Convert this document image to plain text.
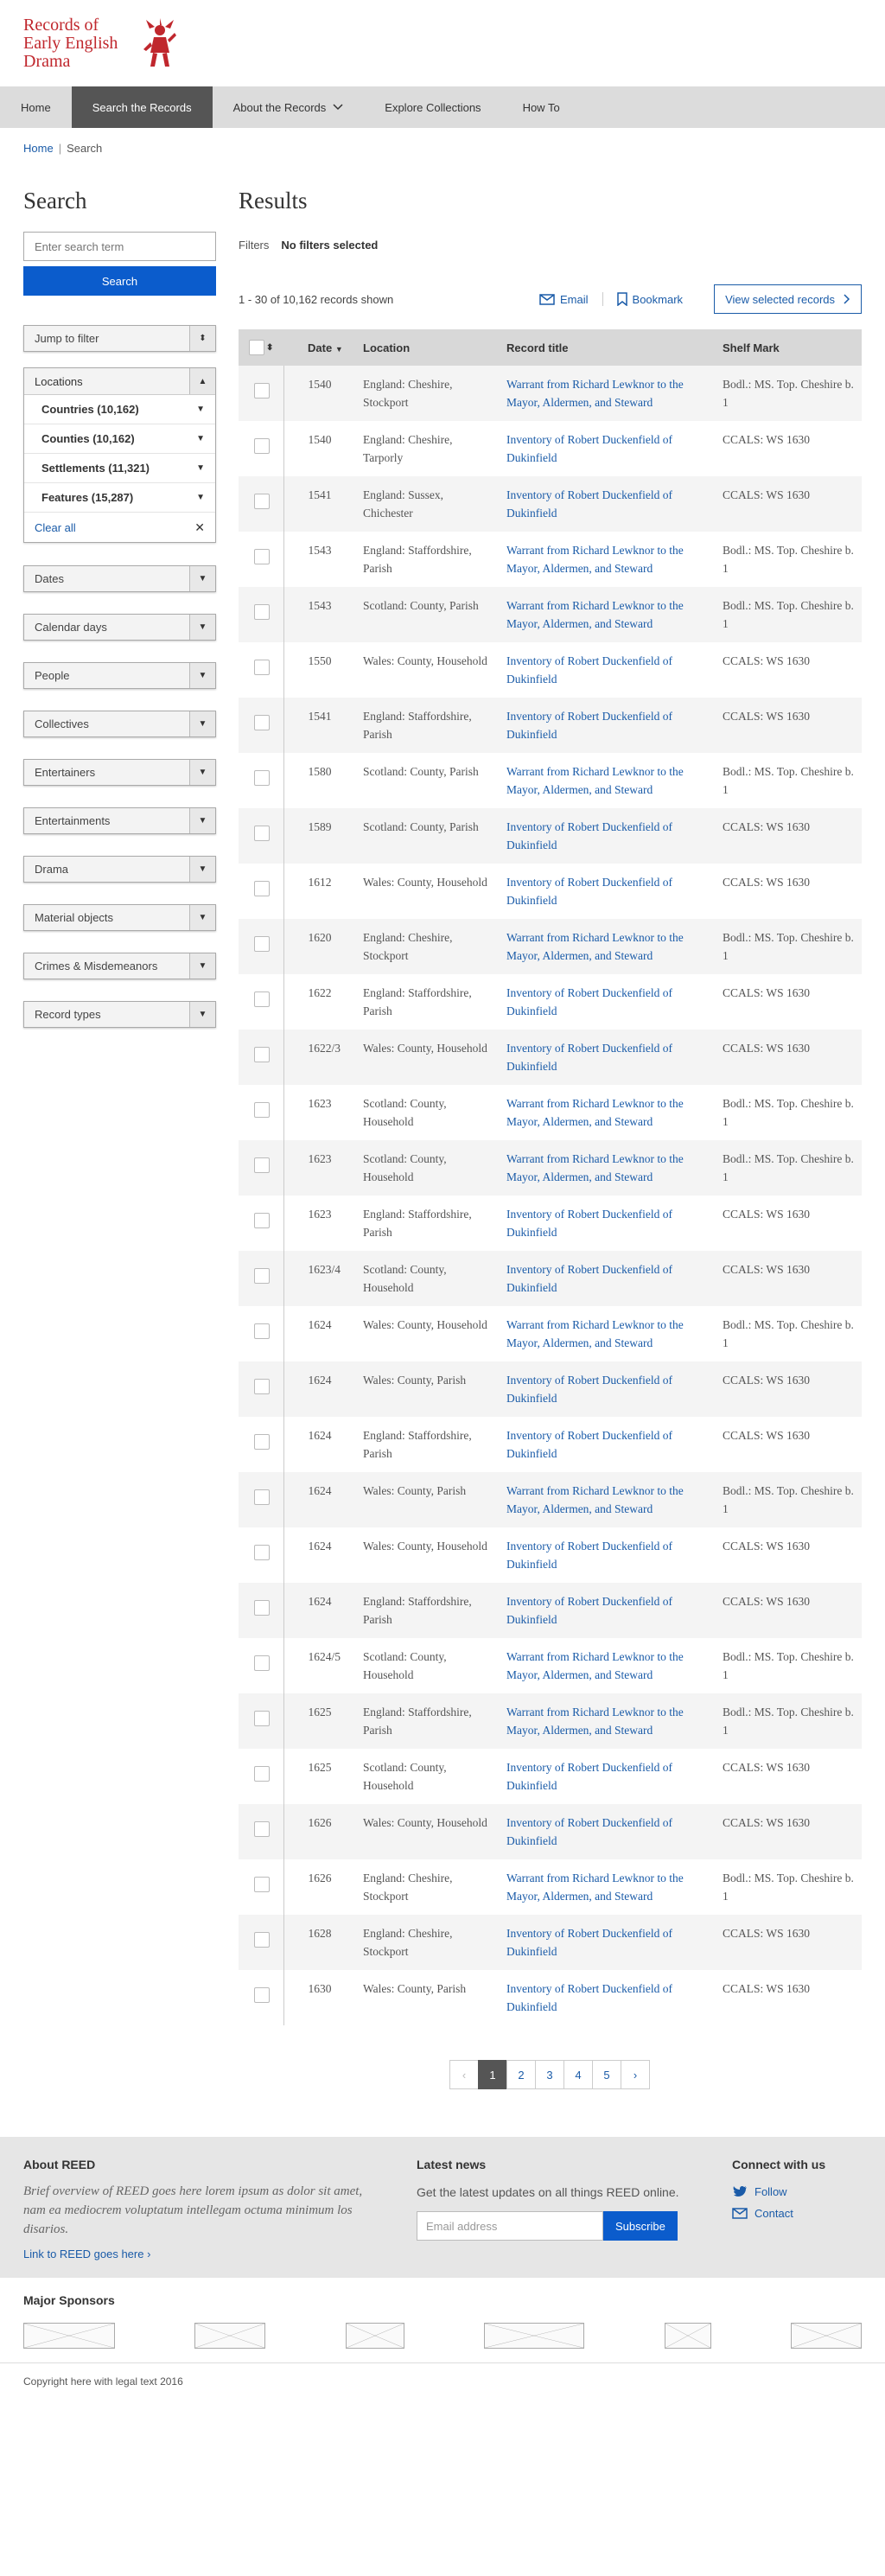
Records of Early English Drama
Home	Search the Records	About the Records	Explore Collections	How To
Home | Search
Search
Enter search term Search
Jump to filter	⬍
Locations	▲
Countries (10,162)	▼
Counties (10,162)	▼
Settlements (11,321)	▼
Features (15,287)	▼
Clear all	✕
Dates	▼
Calendar days	▼
People	▼
Collectives	▼
Entertainers	▼
Entertainments	▼
Drama	▼
Material objects	▼
Crimes & Misdemeanors	▼
Record types	▼
Results
Filters No filters selected
1 - 30 of 10,162 records shown	Email	Bookmark	View selected records
⬍	Date ▼	Location	Record title	Shelf Mark
	1540	England: Cheshire, Stockport	Warrant from Richard Lewknor to the Mayor, Aldermen, and Steward	Bodl.: MS. Top. Cheshire b. 1
	1540	England: Cheshire, Tarporly	Inventory of Robert Duckenfield of Dukinfield	CCALS: WS 1630
	1541	England: Sussex, Chichester	Inventory of Robert Duckenfield of Dukinfield	CCALS: WS 1630
	1543	England: Staffordshire, Parish	Warrant from Richard Lewknor to the Mayor, Aldermen, and Steward	Bodl.: MS. Top. Cheshire b. 1
	1543	Scotland: County, Parish	Warrant from Richard Lewknor to the Mayor, Aldermen, and Steward	Bodl.: MS. Top. Cheshire b. 1
	1550	Wales: County, Household	Inventory of Robert Duckenfield of Dukinfield	CCALS: WS 1630
	1541	England: Staffordshire, Parish	Inventory of Robert Duckenfield of Dukinfield	CCALS: WS 1630
	1580	Scotland: County, Parish	Warrant from Richard Lewknor to the Mayor, Aldermen, and Steward	Bodl.: MS. Top. Cheshire b. 1
	1589	Scotland: County, Parish	Inventory of Robert Duckenfield of Dukinfield	CCALS: WS 1630
	1612	Wales: County, Household	Inventory of Robert Duckenfield of Dukinfield	CCALS: WS 1630
	1620	England: Cheshire, Stockport	Warrant from Richard Lewknor to the Mayor, Aldermen, and Steward	Bodl.: MS. Top. Cheshire b. 1
	1622	England: Staffordshire, Parish	Inventory of Robert Duckenfield of Dukinfield	CCALS: WS 1630
	1622/3	Wales: County, Household	Inventory of Robert Duckenfield of Dukinfield	CCALS: WS 1630
	1623	Scotland: County, Household	Warrant from Richard Lewknor to the Mayor, Aldermen, and Steward	Bodl.: MS. Top. Cheshire b. 1
	1623	Scotland: County, Household	Warrant from Richard Lewknor to the Mayor, Aldermen, and Steward	Bodl.: MS. Top. Cheshire b. 1
	1623	England: Staffordshire, Parish	Inventory of Robert Duckenfield of Dukinfield	CCALS: WS 1630
	1623/4	Scotland: County, Household	Inventory of Robert Duckenfield of Dukinfield	CCALS: WS 1630
	1624	Wales: County, Household	Warrant from Richard Lewknor to the Mayor, Aldermen, and Steward	Bodl.: MS. Top. Cheshire b. 1
	1624	Wales: County, Parish	Inventory of Robert Duckenfield of Dukinfield	CCALS: WS 1630
	1624	England: Staffordshire, Parish	Inventory of Robert Duckenfield of Dukinfield	CCALS: WS 1630
	1624	Wales: County, Parish	Warrant from Richard Lewknor to the Mayor, Aldermen, and Steward	Bodl.: MS. Top. Cheshire b. 1
	1624	Wales: County, Household	Inventory of Robert Duckenfield of Dukinfield	CCALS: WS 1630
	1624	England: Staffordshire, Parish	Inventory of Robert Duckenfield of Dukinfield	CCALS: WS 1630
	1624/5	Scotland: County, Household	Warrant from Richard Lewknor to the Mayor, Aldermen, and Steward	Bodl.: MS. Top. Cheshire b. 1
	1625	England: Staffordshire, Parish	Warrant from Richard Lewknor to the Mayor, Aldermen, and Steward	Bodl.: MS. Top. Cheshire b. 1
	1625	Scotland: County, Household	Inventory of Robert Duckenfield of Dukinfield	CCALS: WS 1630
	1626	Wales: County, Household	Inventory of Robert Duckenfield of Dukinfield	CCALS: WS 1630
	1626	England: Cheshire, Stockport	Warrant from Richard Lewknor to the Mayor, Aldermen, and Steward	Bodl.: MS. Top. Cheshire b. 1
	1628	England: Cheshire, Stockport	Inventory of Robert Duckenfield of Dukinfield	CCALS: WS 1630
	1630	Wales: County, Parish	Inventory of Robert Duckenfield of Dukinfield	CCALS: WS 1630
‹	1	2	3	4	5	›
About REED

Brief overview of REED goes here lorem ipsum as dolor sit amet, nam ea mediocrem voluptatum intellegam octuma minimum los disarios.

Link to REED goes here ›
Latest news

Get the latest updates on all things REED online.

Email address	Subscribe
Connect with us
Follow
Contact
Major Sponsors
Copyright here with legal text 2016
